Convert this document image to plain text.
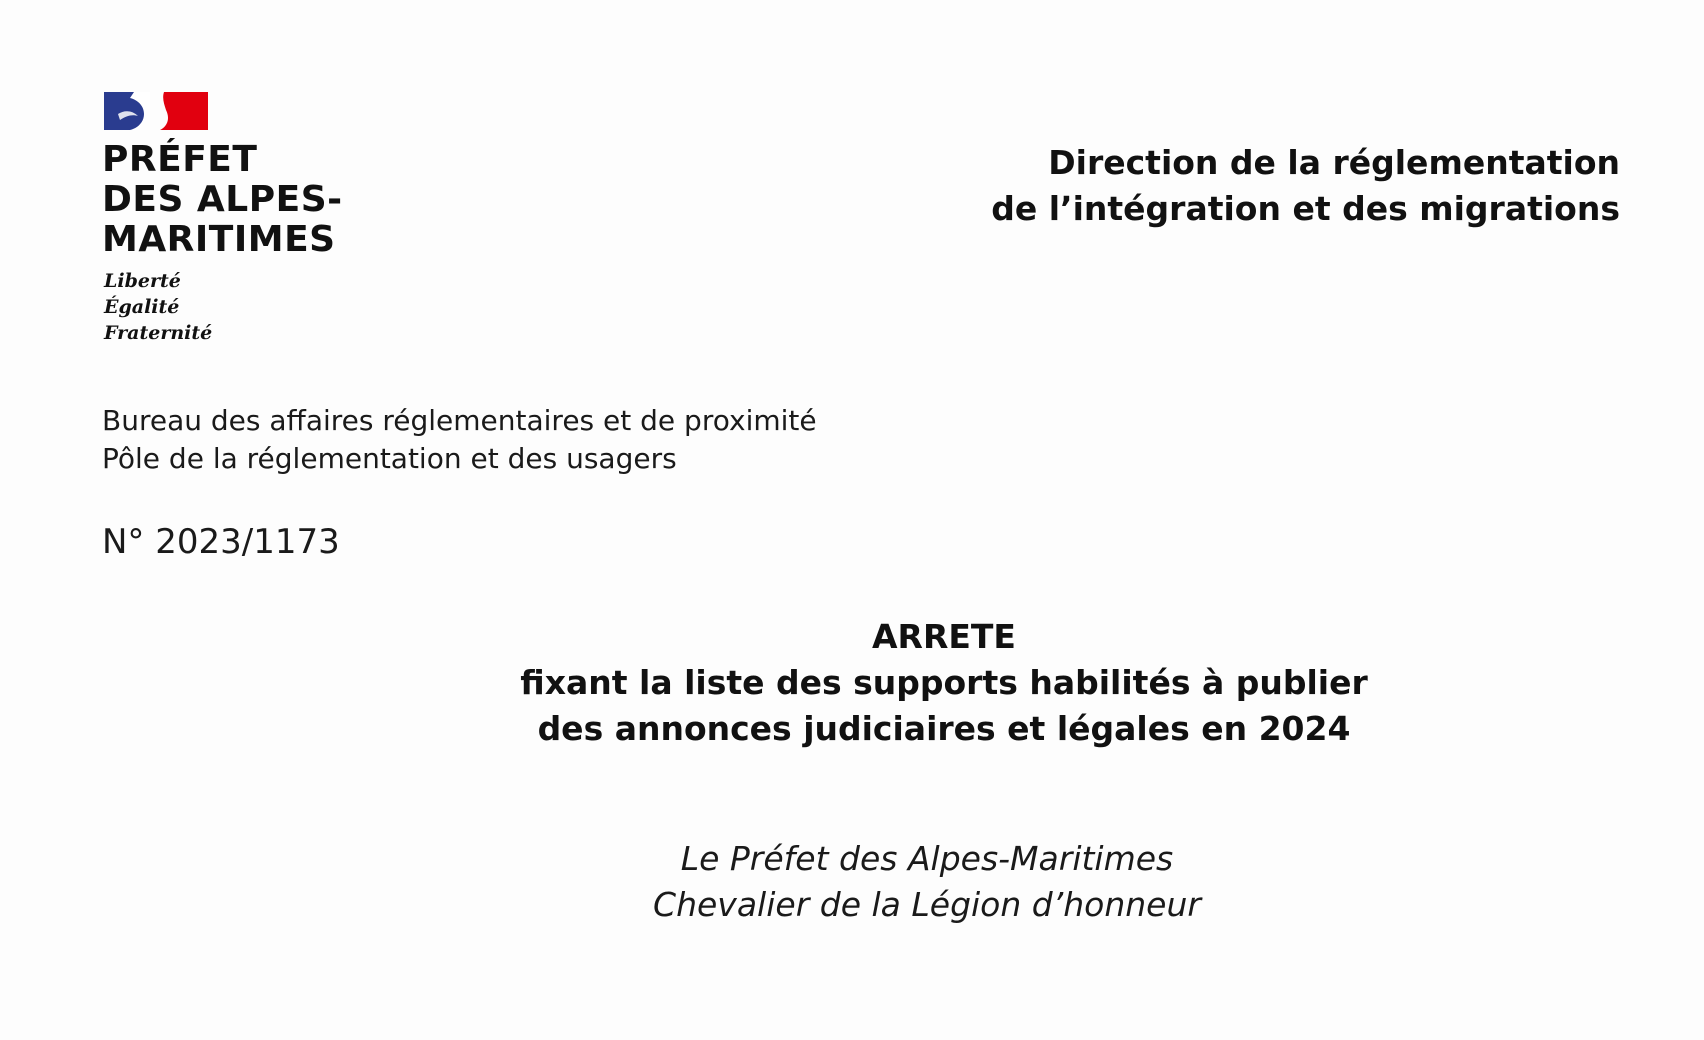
PRÉFET
DES ALPES-
MARITIMES
Liberté
Égalité
Fraternité
Direction de la réglementation
de l’intégration et des migrations
Bureau des affaires réglementaires et de proximité
Pôle de la réglementation et des usagers
N° 2023/1173
ARRETE
fixant la liste des supports habilités à publier
des annonces judiciaires et légales en 2024
Le Préfet des Alpes-Maritimes
Chevalier de la Légion d’honneur
